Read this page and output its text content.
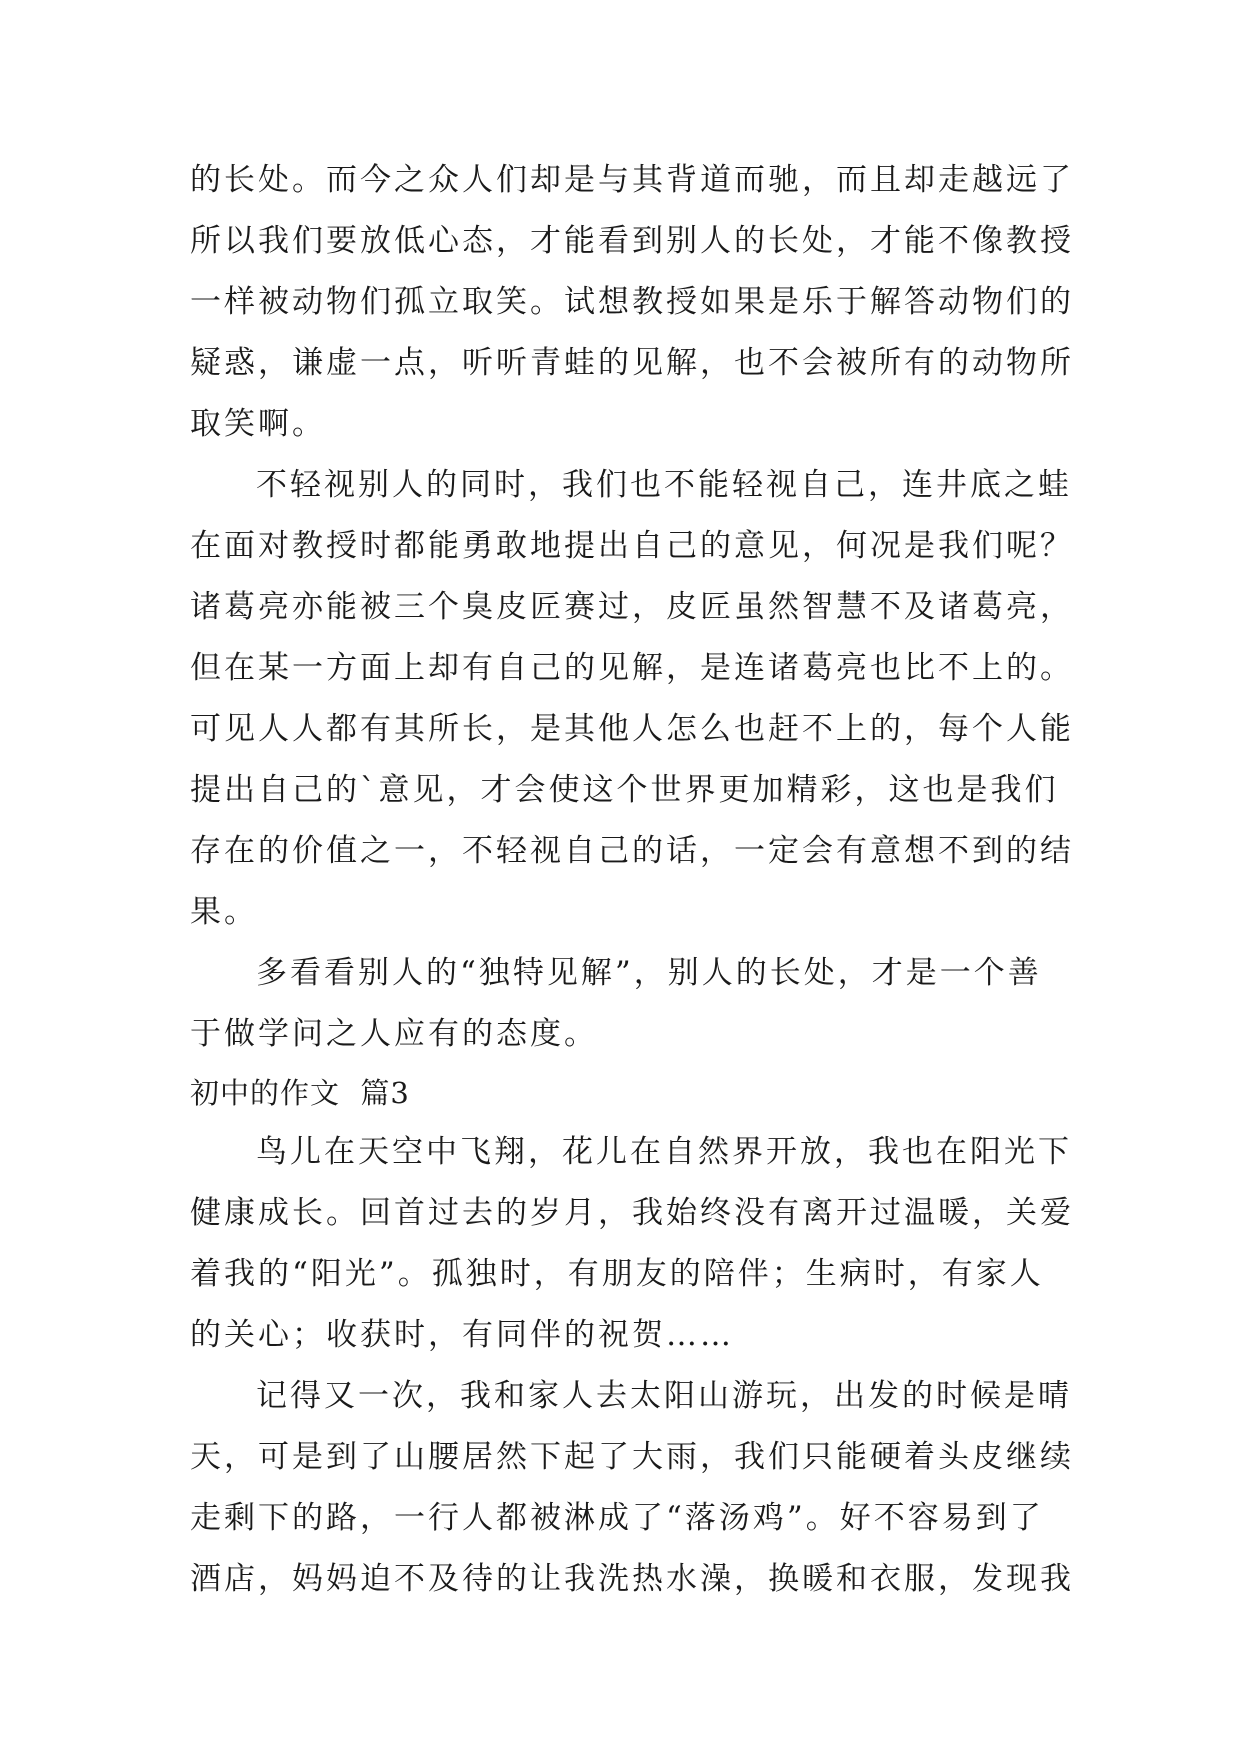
的长处。而今之众人们却是与其背道而驰，而且却走越远了
所以我们要放低心态，才能看到别人的长处，才能不像教授
一样被动物们孤立取笑。试想教授如果是乐于解答动物们的
疑惑，谦虚一点，听听青蛙的见解，也不会被所有的动物所
取笑啊。
不轻视别人的同时，我们也不能轻视自己，连井底之蛙
在面对教授时都能勇敢地提出自己的意见，何况是我们呢？
诸葛亮亦能被三个臭皮匠赛过，皮匠虽然智慧不及诸葛亮，
但在某一方面上却有自己的见解，是连诸葛亮也比不上的。
可见人人都有其所长，是其他人怎么也赶不上的，每个人能
提出自己的`意见，才会使这个世界更加精彩，这也是我们
存在的价值之一，不轻视自己的话，一定会有意想不到的结
果。
多看看别人的“独特见解”，别人的长处，才是一个善
于做学问之人应有的态度。
初中的作文  篇3
鸟儿在天空中飞翔，花儿在自然界开放，我也在阳光下
健康成长。回首过去的岁月，我始终没有离开过温暖，关爱
着我的“阳光”。孤独时，有朋友的陪伴；生病时，有家人
的关心；收获时，有同伴的祝贺……
记得又一次，我和家人去太阳山游玩，出发的时候是晴
天，可是到了山腰居然下起了大雨，我们只能硬着头皮继续
走剩下的路，一行人都被淋成了“落汤鸡”。好不容易到了
酒店，妈妈迫不及待的让我洗热水澡，换暖和衣服，发现我
